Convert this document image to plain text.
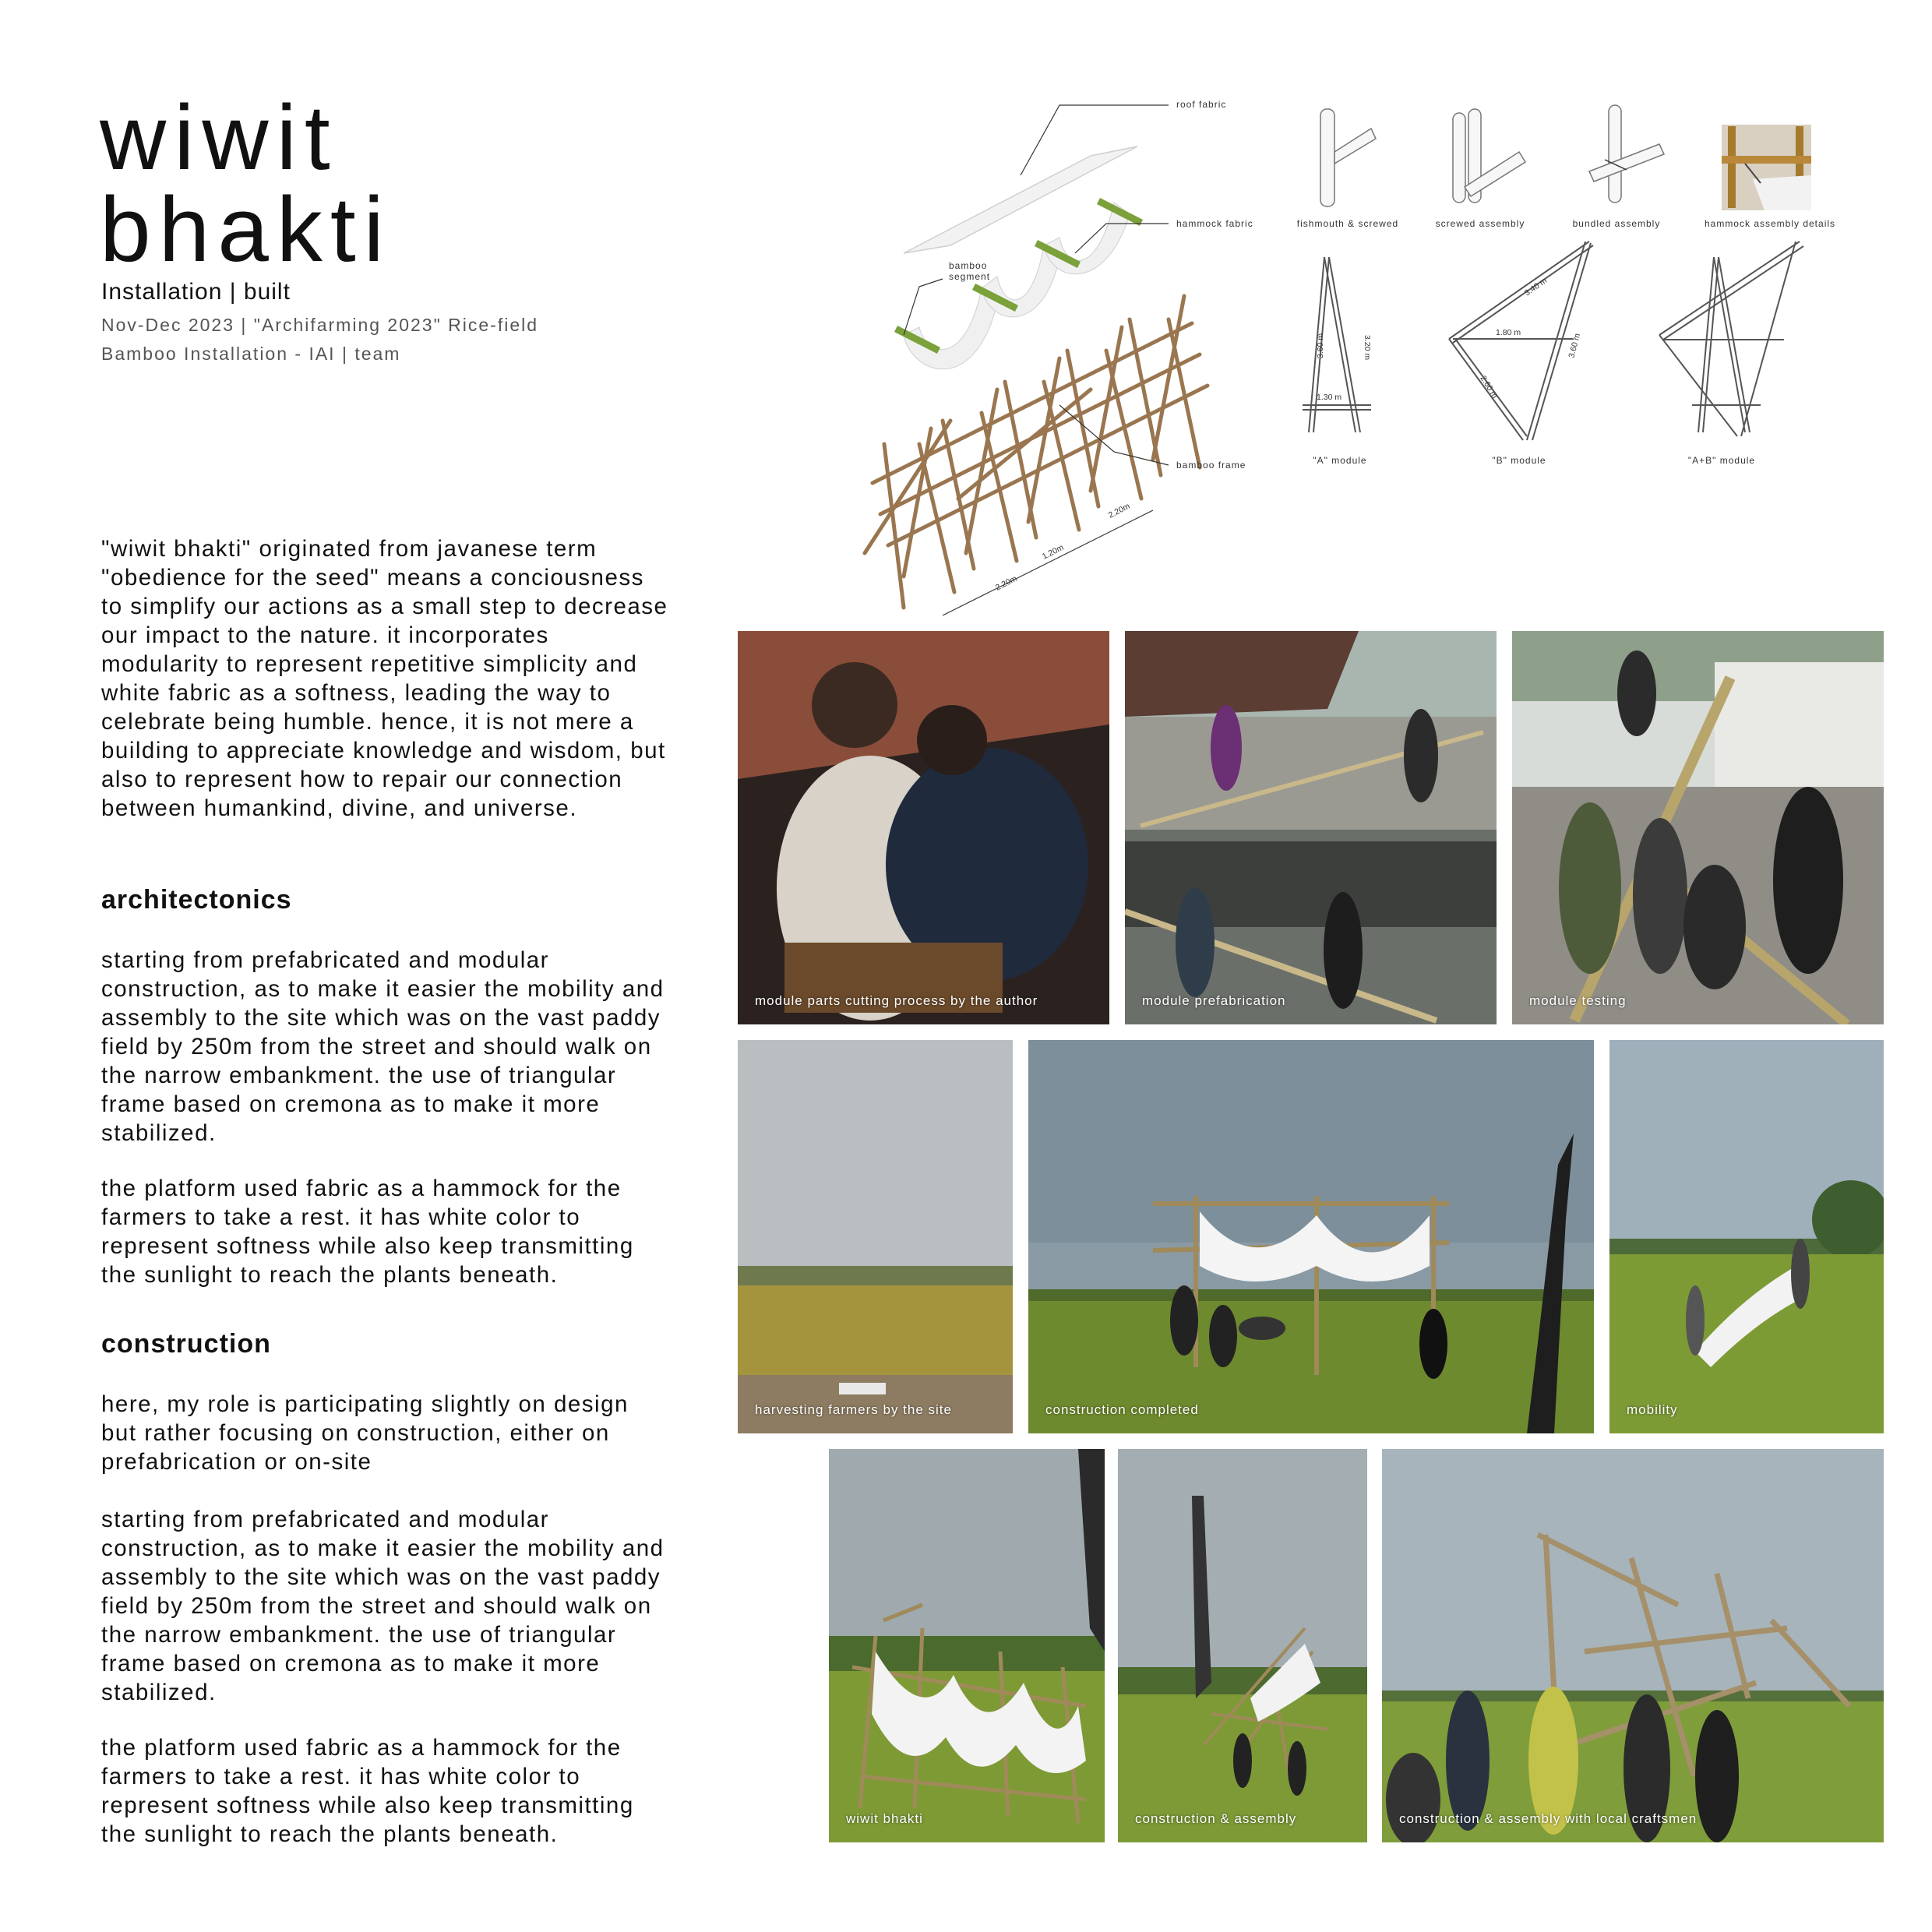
wiwit
bhakti
Installation | built
Nov-Dec 2023 | "Archifarming 2023" Rice-field
Bamboo Installation - IAI | team

"wiwit bhakti" originated from javanese term "obedience for the seed" means a conciousness to simplify our actions as a small step to decrease our impact to the nature. it incorporates modularity to represent repetitive simplicity and white fabric as a softness, leading the way to celebrate being humble. hence, it is not mere a building to appreciate knowledge and wisdom, but also to represent how to repair our connection between humankind, divine, and universe.

architectonics

starting from prefabricated and modular construction, as to make it easier the mobility and assembly to the site which was on the vast paddy field by 250m from the street and should walk on the narrow embankment. the use of triangular frame based on cremona as to make it more stabilized.

the platform used fabric as a hammock for the farmers to take a rest. it has white color to represent softness while also keep transmitting the sunlight to reach the plants beneath.

construction

here, my role is participating slightly on design but rather focusing on construction, either on prefabrication or on-site

starting from prefabricated and modular construction, as to make it easier the mobility and assembly to the site which was on the vast paddy field by 250m from the street and should walk on the narrow embankment. the use of triangular frame based on cremona as to make it more stabilized.

the platform used fabric as a hammock for the farmers to take a rest. it has white color to represent softness while also keep transmitting the sunlight to reach the plants beneath.

roof fabric
hammock fabric
bamboo
segment
bamboo frame
2.20m
1.20m
2.20m
fishmouth & screwed	screwed assembly	bundled assembly	hammock assembly details
3.60 m	3.20 m
1.30 m
3.40 m
1.80 m	3.60 m
2.60 m
"A" module	"B" module	"A+B" module
module parts cutting process by the author	module prefabrication	module testing
harvesting farmers by the site	construction completed	mobility
wiwit bhakti	construction & assembly	construction & assembly with local craftsmen
